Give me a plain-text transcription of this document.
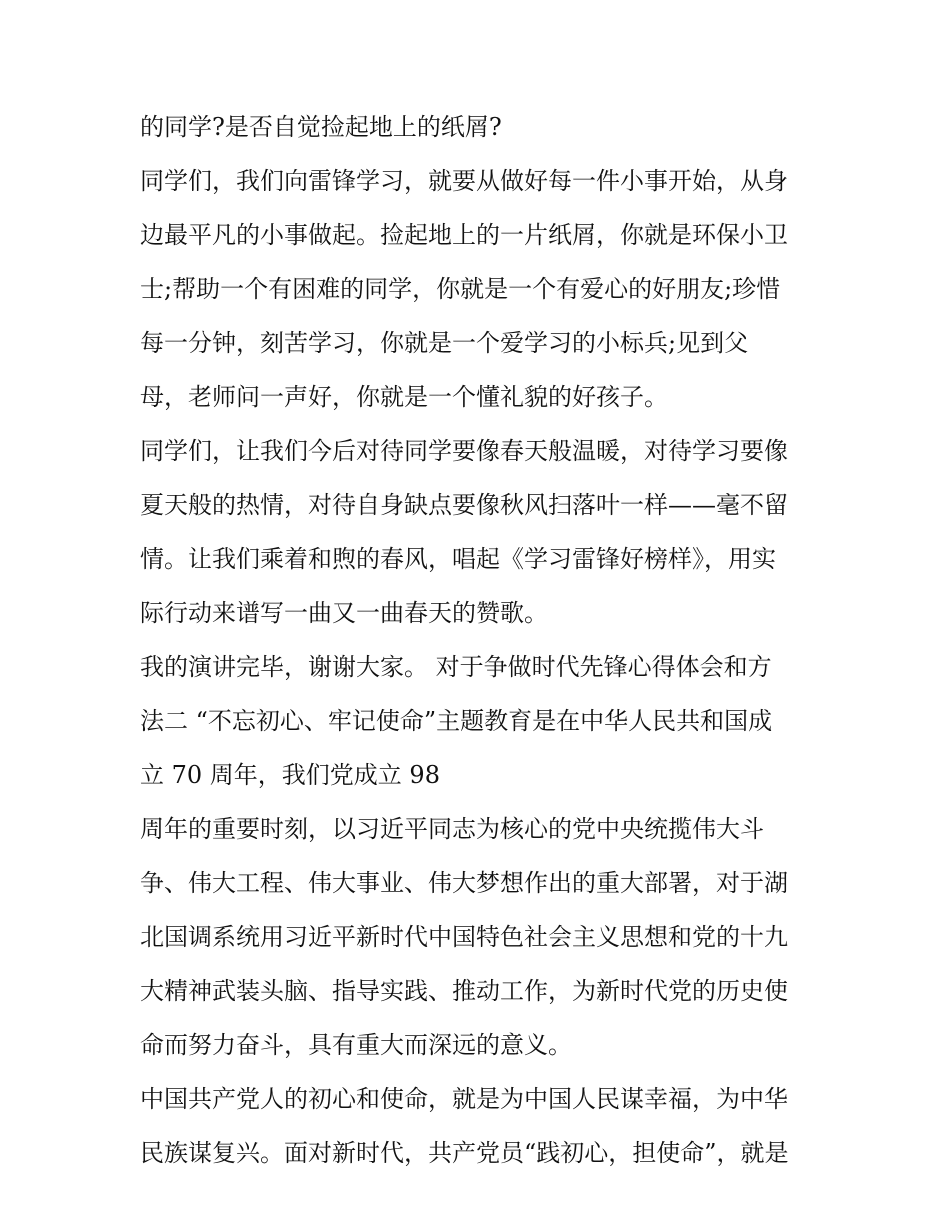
的同学?是否自觉捡起地上的纸屑?
同学们，我们向雷锋学习，就要从做好每一件小事开始，从身
边最平凡的小事做起。捡起地上的一片纸屑，你就是环保小卫
士;帮助一个有困难的同学，你就是一个有爱心的好朋友;珍惜
每一分钟，刻苦学习，你就是一个爱学习的小标兵;见到父
母，老师问一声好，你就是一个懂礼貌的好孩子。
同学们，让我们今后对待同学要像春天般温暖，对待学习要像
夏天般的热情，对待自身缺点要像秋风扫落叶一样——毫不留
情。让我们乘着和煦的春风，唱起《学习雷锋好榜样》，用实
际行动来谱写一曲又一曲春天的赞歌。
我的演讲完毕，谢谢大家。 对于争做时代先锋心得体会和方
法二 “不忘初心、牢记使命”主题教育是在中华人民共和国成
立 70 周年，我们党成立 98
周年的重要时刻，以习近平同志为核心的党中央统揽伟大斗
争、伟大工程、伟大事业、伟大梦想作出的重大部署，对于湖
北国调系统用习近平新时代中国特色社会主义思想和党的十九
大精神武装头脑、指导实践、推动工作，为新时代党的历史使
命而努力奋斗，具有重大而深远的意义。
中国共产党人的初心和使命，就是为中国人民谋幸福，为中华
民族谋复兴。面对新时代，共产党员“践初心，担使命”，就是
